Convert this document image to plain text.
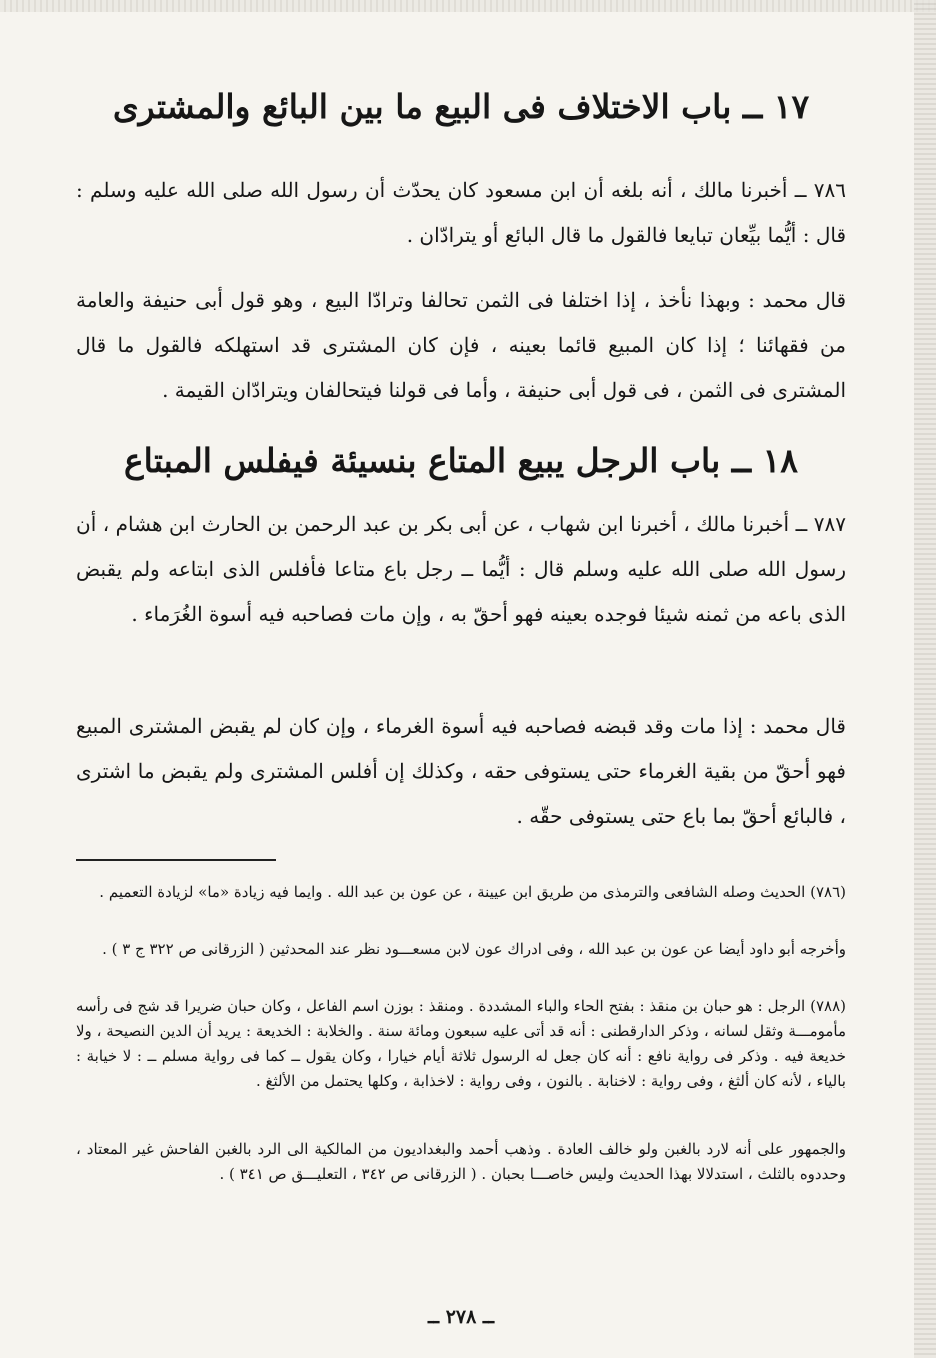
١٧ ــ باب الاختلاف فى البيع ما بين البائع والمشترى

٧٨٦ ــ أخبرنا مالك ، أنه بلغه أن ابن مسعود كان يحدّث أن رسول الله صلى الله عليه وسلم : قال : أيُّما بيِّعان تبايعا فالقول ما قال البائع أو يترادّان .

قال محمد : وبهذا نأخذ ، إذا اختلفا فى الثمن تحالفا وترادّا البيع ، وهو قول أبى حنيفة والعامة من فقهائنا ؛ إذا كان المبيع قائما بعينه ، فإن كان المشترى قد استهلكه فالقول ما قال المشترى فى الثمن ، فى قول أبى حنيفة ، وأما فى قولنا فيتحالفان ويترادّان القيمة .

١٨ ــ باب الرجل يبيع المتاع بنسيئة فيفلس المبتاع

٧٨٧ ــ أخبرنا مالك ، أخبرنا ابن شهاب ، عن أبى بكر بن عبد الرحمن بن الحارث ابن هشام ، أن رسول الله صلى الله عليه وسلم قال : أيُّما ــ رجل باع متاعا فأفلس الذى ابتاعه ولم يقبض الذى باعه من ثمنه شيئا فوجده بعينه فهو أحقّ به ، وإن مات فصاحبه فيه أسوة الغُرَماء .

قال محمد : إذا مات وقد قبضه فصاحبه فيه أسوة الغرماء ، وإن كان لم يقبض المشترى المبيع فهو أحقّ من بقية الغرماء حتى يستوفى حقه ، وكذلك إن أفلس المشترى ولم يقبض ما اشترى ، فالبائع أحقّ بما باع حتى يستوفى حقّه .

(٧٨٦) الحديث وصله الشافعى والترمذى من طريق ابن عيينة ، عن عون بن عبد الله . وايما فيه زيادة «ما» لزيادة التعميم .

وأخرجه أبو داود أيضا عن عون بن عبد الله ، وفى ادراك عون لابن مسعـــود نظر عند المحدثين ( الزرقانى ص ٣٢٢ ج ٣ ) .

(٧٨٨) الرجل : هو حبان بن منقذ : بفتح الحاء والباء المشددة . ومنقذ : بوزن اسم الفاعل ، وكان حبان ضريرا قد شج فى رأسه مأمومـــة وثقل لسانه ، وذكر الدارقطنى : أنه قد أتى عليه سبعون ومائة سنة . والخلابة : الخديعة : يريد أن الدين النصيحة ، ولا خديعة فيه . وذكر فى رواية نافع : أنه كان جعل له الرسول ثلاثة أيام خيارا ، وكان يقول ــ كما فى رواية مسلم ــ : لا خيابة : بالياء ، لأنه كان ألثغ ، وفى رواية : لاخنابة . بالنون ، وفى رواية : لاخذابة ، وكلها يحتمل من الألثغ .

والجمهور على أنه لارد بالغبن ولو خالف العادة . وذهب أحمد والبغداديون من المالكية الى الرد بالغبن الفاحش غير المعتاد ، وحددوه بالثلث ، استدلالا بهذا الحديث وليس خاصـــا بحبان . ( الزرقانى ص ٣٤٢ ، التعليـــق ص ٣٤١ ) .

ــ ٢٧٨ ــ
